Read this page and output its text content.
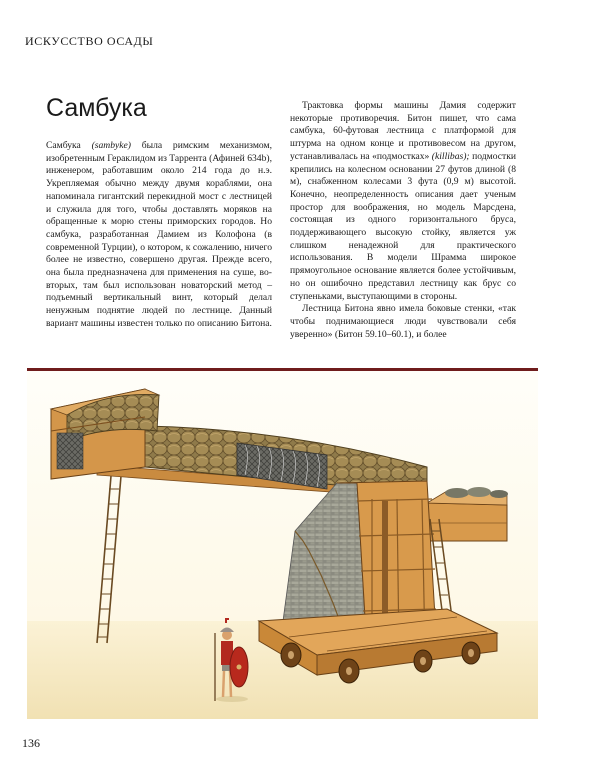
ИСКУССТВО ОСАДЫ
Самбука

Самбука (sambyke) была римским механизмом, изобретенным Гераклидом из Таррента (Афиней 634b), инженером, работавшим около 214 года до н.э. Укрепляемая обычно между двумя кораблями, она напоминала гигантский перекидной мост с лестницей и служила для того, чтобы доставлять моряков на обращенные к морю стены приморских городов. Но самбука, разработанная Дамием из Колофона (в современной Турции), о котором, к сожалению, ничего более не известно, совершено другая. Прежде всего, она была предназначена для применения на суше, во-вторых, там был использован новаторский метод – подъемный вертикальный винт, который делал ненужным поднятие людей по лестнице. Данный вариант машины известен только по описанию Битона.

Трактовка формы машины Дамия содержит некоторые противоречия. Битон пишет, что сама самбука, 60-футовая лестница с платформой для штурма на одном конце и противовесом на другом, устанавливалась на «подмостках» (killibas); подмостки крепились на колесном основании 27 футов длиной (8 м), снабженном колесами 3 фута (0,9 м) высотой. Конечно, неопределенность описания дает ученым простор для воображения, но модель Марсдена, состоящая из одного горизонтального бруса, поддерживающего высокую стойку, является уж слишком ненадежной для практического использования. В модели Шрамма широкое прямоугольное основание является более устойчивым, но он ошибочно представил лестницу как брус со ступеньками, выступающими в стороны.

Лестница Битона явно имела боковые стенки, «так чтобы поднимающиеся люди чувствовали себя уверенно» (Битон 59.10–60.1), и более

136
